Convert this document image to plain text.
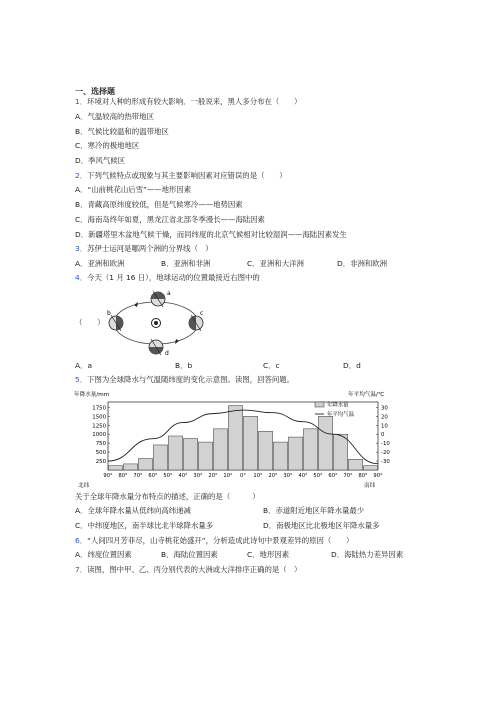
一、选择题
1．环境对人种的形成有较大影响．一般说来，黑人多分布在（　　）
A．气温较高的热带地区
B．气候比较温和的温带地区
C．寒冷的极地地区
D．季风气候区
2．下列气候特点或现象与其主要影响因素对应错误的是（　　）
A．“山前桃花山后雪”——地形因素
B．青藏高原纬度较低，但是气候寒冷——地势因素
C．海南岛终年如夏，黑龙江省北部冬季漫长——海陆因素
D．新疆塔里木盆地气候干燥，而同纬度的北京气候相对比较湿润——海陆因素发生
3．苏伊士运河是哪两个洲的分界线（　）
A．亚洲和欧洲	B．亚洲和非洲	C．亚洲和大洋洲	D．非洲和欧洲
4．今天（1 月 16 日），地球运动的位置最接近右图中的
（　　）
a
b	c
d
A．a	B．b	C．c	D．d
5．下图为全球降水与气温随纬度的变化示意图。读图，回答问题。
年降水量/mm	年平均气温/℃
250
500
750
1000
1250
1500
1750	30
20
10
0
-10
-20
-30
90° 80° 70° 60° 50° 40° 30° 20° 10° 0° 10° 20° 30° 40° 50° 60° 70° 80° 90°
年降水量
年平均气温
北纬	南纬
关于全球年降水量分布特点的描述，正确的是（　　　）
A．全球年降水量从低纬向高纬递减	B．赤道附近地区年降水量最少
C．中纬度地区，南半球比北半球降水量多	D．南极地区比北极地区年降水量多
6．“人间四月芳菲尽，山寺桃花始盛开”，分析造成此诗句中景观差异的原因（　　）
A．纬度位置因素	B．海陆位置因素	C．地形因素	D．海陆热力差异因素
7．读图，图中甲、乙、丙分别代表的大洲或大洋排序正确的是（　）
